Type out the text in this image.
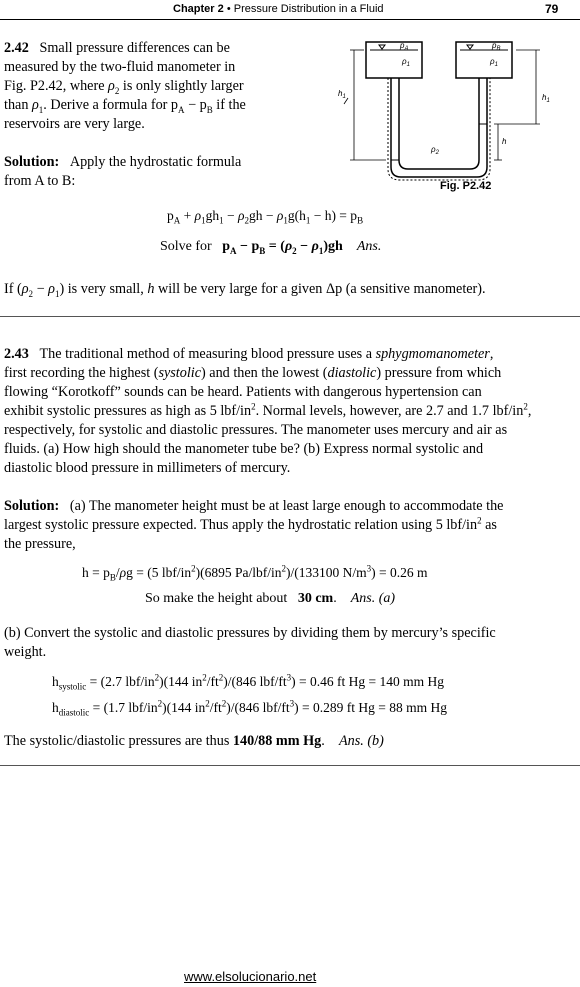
Chapter 2 • Pressure Distribution in a Fluid	79
2.42 Small pressure differences can be
measured by the two-fluid manometer in
Fig. P2.42, where $\rho_2$ is only slightly larger
than $\rho_1$. Derive a formula for $p_A - p_B$ if the
reservoirs are very large.
Solution: Apply the hydrostatic formula
from A to B:
$p_A$	$p_B$
$\rho_1$	$\rho_1$
$\rho_2$
$h_1$	$h_1$
h
Fig. P2.42
$p_A + \rho_1gh_1 - \rho_2gh - \rho_1g(h_1 - h) = p_B$
Solve for $p_A - p_B = (\rho_2 - \rho_1)gh$ Ans.
If $(\rho_2 - \rho_1)$ is very small, h will be very large for a given Δp (a sensitive manometer).
2.43   The traditional method of measuring blood pressure uses a sphygmomanometer,
first recording the highest (systolic) and then the lowest (diastolic) pressure from which
flowing “Korotkoff” sounds can be heard. Patients with dangerous hypertension can
exhibit systolic pressures as high as 5 lbf/$in^2$. Normal levels, however, are 2.7 and 1.7 lbf/$in^2$,
respectively, for systolic and diastolic pressures. The manometer uses mercury and air as
fluids. (a) How high should the manometer tube be? (b) Express normal systolic and
diastolic blood pressure in millimeters of mercury.
Solution: (a) The manometer height must be at least large enough to accommodate the
largest systolic pressure expected. Thus apply the hydrostatic relation using 5 lbf/$in^2$ as
the pressure,
$h = p_B/\rho g = (5$ lbf/$in^2)(6895$ $Pa/lbf/in^2)/(133100$ $N/m^3) = 0.26$ m
So make the height about 30 cm.    Ans. (a)
(b) Convert the systolic and diastolic pressures by dividing them by mercury’s specific
weight.
$h_{systolic} = (2.7$ lbf/$in^2)(144$ $in^2/ft^2)/(846$ lbf/$ft^3) = 0.46$ ft Hg = 140 mm Hg
$h_{diastolic} = (1.7$ lbf/$in^2)(144$ $in^2/ft^2)/(846$ lbf/$ft^3) = 0.289$ ft Hg = 88 mm Hg
The systolic/diastolic pressures are thus 140/88 mm Hg.    Ans. (b)
www.elsolucionario.net
